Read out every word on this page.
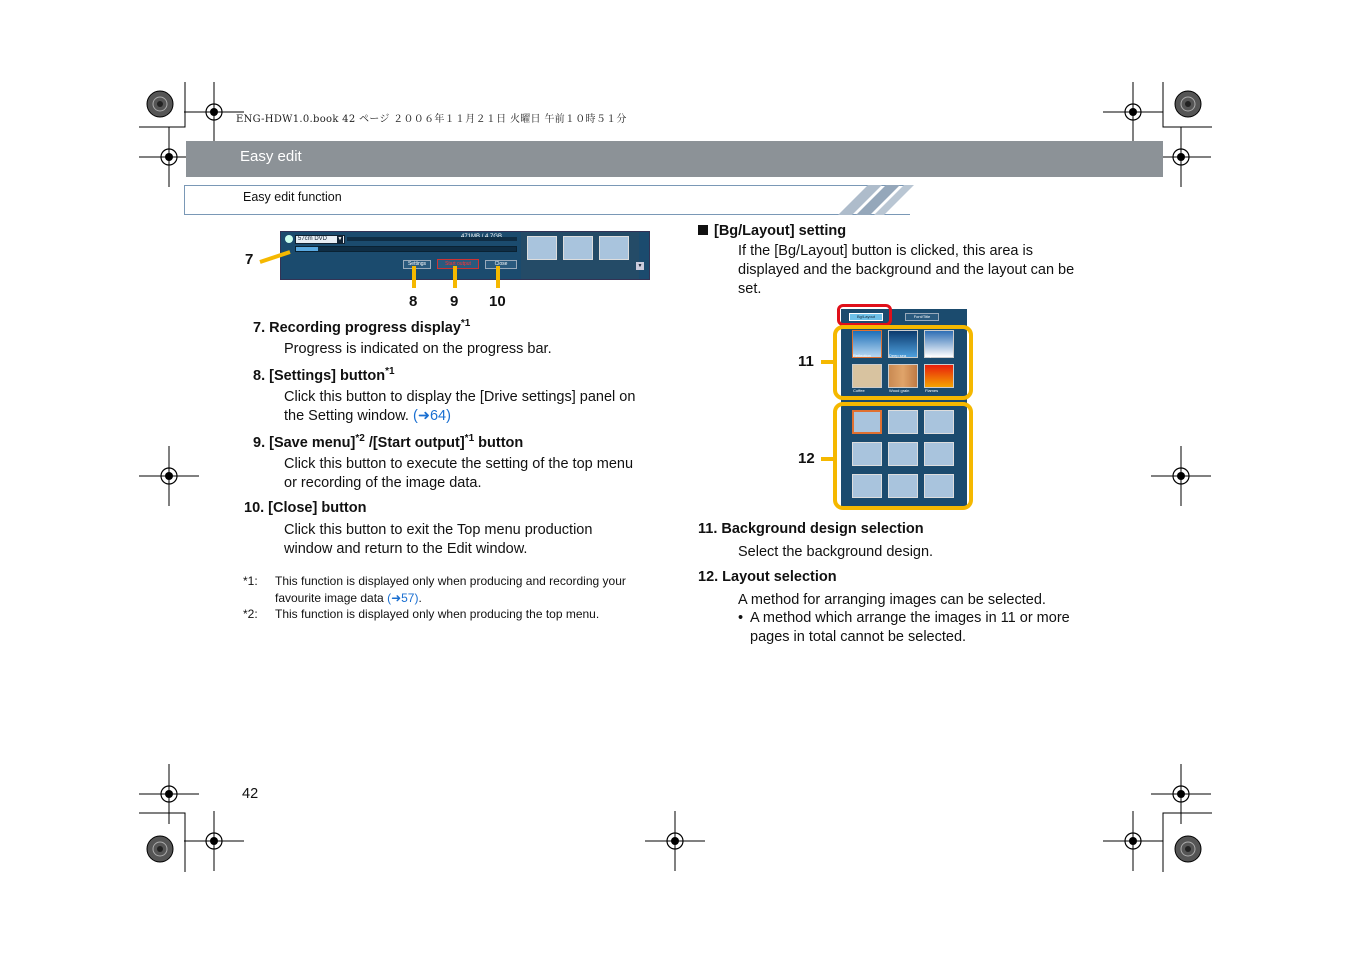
ENG-HDW1.0.book 42 ページ ２００６年１１月２１日 火曜日 午前１０時５１分
Easy edit
Easy edit function
57cm DVD ▼
Settings	Start output	Close	▼
7
8 9 10
7. Recording progress display$^{*1}$
Progress is indicated on the progress bar.
8. [Settings] button$^{*1}$
Click this button to display the [Drive settings] panel on
the Setting window. (➜64)
9. [Save menu]$^{*2}$ /[Start output]$^{*1}$ button
Click this button to execute the setting of the top menu
or recording of the image data.
10. [Close] button
Click this button to exit the Top menu production
window and return to the Edit window.
*1: This function is displayed only when producing and recording your
favourite image data (➜57).
*2: This function is displayed only when producing the top menu.
[Bg/Layout] setting
If the [Bg/Layout] button is clicked, this area is
displayed and the background and the layout can be
set.
Bg/Layout	Font/Title
Reflection	Deep sea	Sky
Coffee	Wood grain	Flames
11
12
11. Background design selection
Select the background design.
12. Layout selection
A method for arranging images can be selected.
• A method which arrange the images in 11 or more
pages in total cannot be selected.
42
